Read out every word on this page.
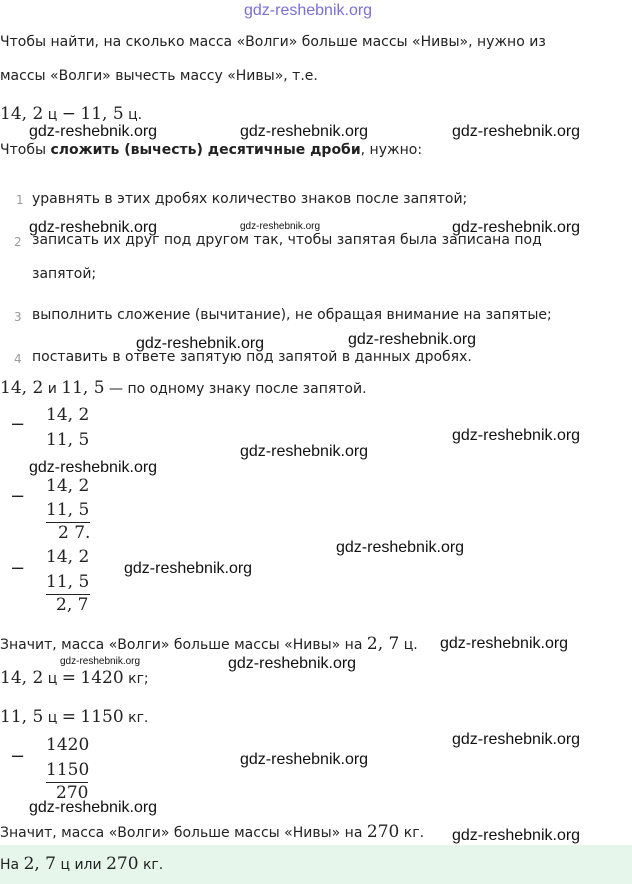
gdz-reshebnik.org
Чтобы найти, на сколько масса «Волги» больше массы «Нивы», нужно из
массы «Волги» вычесть массу «Нивы», т.е.
14, 2 ц − 11, 5 ц.
gdz-reshebnik.org	gdz-reshebnik.org	gdz-reshebnik.org
Чтобы сложить (вычесть) десятичные дроби, нужно:
1 уравнять в этих дробях количество знаков после запятой;
gdz-reshebnik.org	gdz-reshebnik.org	gdz-reshebnik.org
2 записать их друг под другом так, чтобы запятая была записана под
запятой;
3 выполнить сложение (вычитание), не обращая внимание на запятые;
gdz-reshebnik.org	gdz-reshebnik.org
4 поставить в ответе запятую под запятой в данных дробях.
14, 2 и 11, 5 — по одному знаку после запятой.
− 14, 2
11, 5	gdz-reshebnik.org
gdz-reshebnik.org
gdz-reshebnik.org
− 14, 2
11, 5
2 7.
−
14, 2
11, 5
2, 7
gdz-reshebnik.org
gdz-reshebnik.org
Значит, масса «Волги» больше массы «Нивы» на 2, 7 ц. gdz-reshebnik.org
gdz-reshebnik.org	gdz-reshebnik.org
14, 2 ц = 1420 кг;
11, 5 ц = 1150 кг.
−
1420
1150
270
gdz-reshebnik.org
gdz-reshebnik.org
gdz-reshebnik.org
Значит, масса «Волги» больше массы «Нивы» на 270 кг. gdz-reshebnik.org
На 2, 7 ц или 270 кг.
